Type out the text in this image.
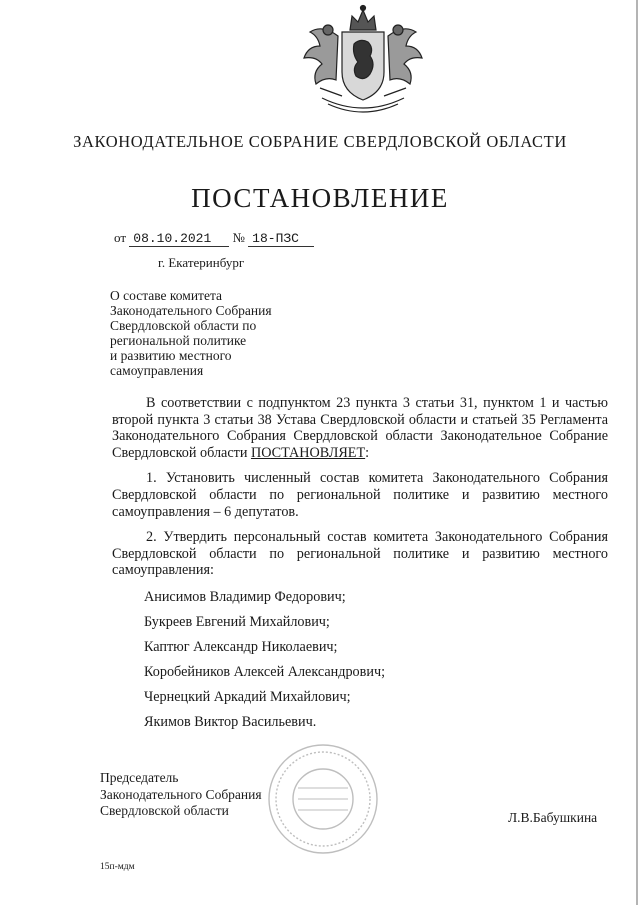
ЗАКОНОДАТЕЛЬНОЕ СОБРАНИЕ СВЕРДЛОВСКОЙ ОБЛАСТИ
ПОСТАНОВЛЕНИЕ
от 08.10.2021 № 18-ПЗС
г. Екатеринбург
О составе комитета
Законодательного Собрания
Свердловской области по
региональной политике
и развитию местного
самоуправления

В соответствии с подпунктом 23 пункта 3 статьи 31, пунктом 1 и частью второй пункта 3 статьи 38 Устава Свердловской области и статьей 35 Регламента Законодательного Собрания Свердловской области Законодательное Собрание Свердловской области ПОСТАНОВЛЯЕТ:

1. Установить численный состав комитета Законодательного Собрания Свердловской области по региональной политике и развитию местного самоуправления – 6 депутатов.

2. Утвердить персональный состав комитета Законодательного Собрания Свердловской области по региональной политике и развитию местного самоуправления:

Анисимов Владимир Федорович;
Букреев Евгений Михайлович;
Каптюг Александр Николаевич;
Коробейников Алексей Александрович;
Чернецкий Аркадий Михайлович;
Якимов Виктор Васильевич.
Председатель
Законодательного Собрания
Свердловской области	Л.В.Бабушкина
15п-мдм
